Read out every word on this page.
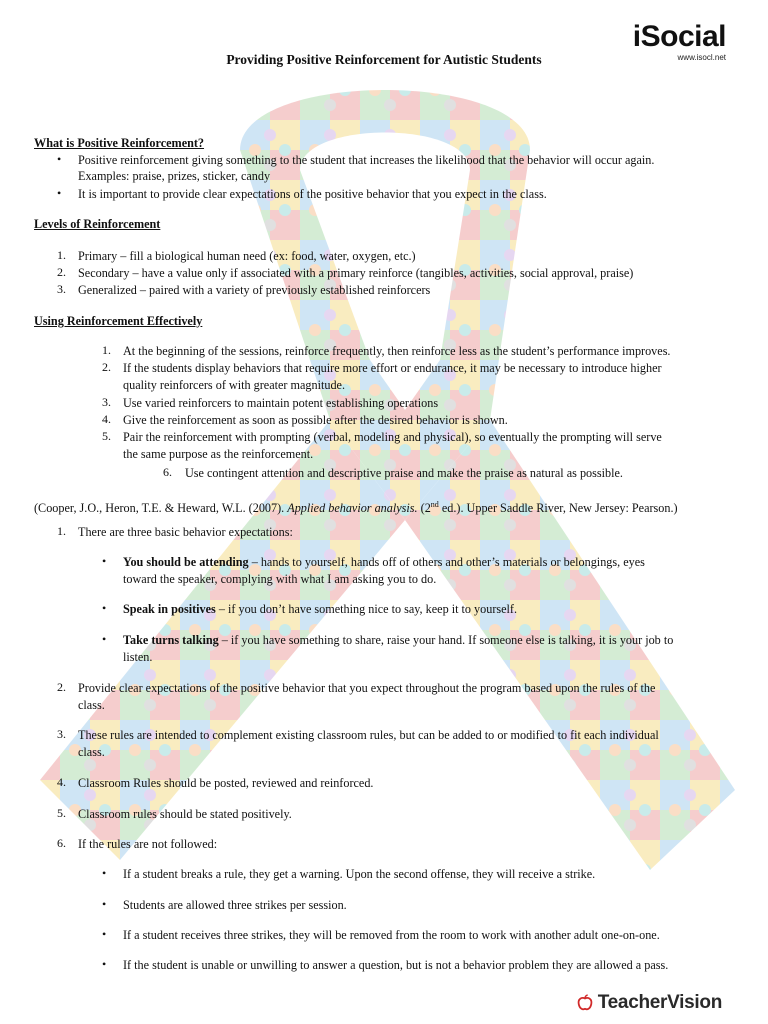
iSocial
www.isocl.net
Providing Positive Reinforcement for Autistic Students
What is Positive Reinforcement?
• Positive reinforcement giving something to the student that increases the likelihood that the behavior will occur again.
Examples: praise, prizes, sticker, candy
• It is important to provide clear expectations of the positive behavior that you expect in the class.
Levels of Reinforcement
1. Primary – fill a biological human need (ex: food, water, oxygen, etc.)
2. Secondary – have a value only if associated with a primary reinforce (tangibles, activities, social approval, praise)
3. Generalized – paired with a variety of previously established reinforcers
Using Reinforcement Effectively
1. At the beginning of the sessions, reinforce frequently, then reinforce less as the student’s performance improves.
2. If the students display behaviors that require more effort or endurance, it may be necessary to introduce higher
quality reinforcers of with greater magnitude.
3. Use varied reinforcers to maintain potent establishing operations
4. Give the reinforcement as soon as possible after the desired behavior is shown.
5. Pair the reinforcement with prompting (verbal, modeling and physical), so eventually the prompting will serve
the same purpose as the reinforcement.
6. Use contingent attention and descriptive praise and make the praise as natural as possible.
(Cooper, J.O., Heron, T.E. & Heward, W.L. (2007). Applied behavior analysis. (2nd ed.). Upper Saddle River, New Jersey: Pearson.)
1. There are three basic behavior expectations:
• You should be attending – hands to yourself, hands off of others and other’s materials or belongings, eyes
toward the speaker, complying with what I am asking you to do.
• Speak in positives – if you don’t have something nice to say, keep it to yourself.
• Take turns talking – if you have something to share, raise your hand. If someone else is talking, it is your job to
listen.
2. Provide clear expectations of the positive behavior that you expect throughout the program based upon the rules of the
class.
3. These rules are intended to complement existing classroom rules, but can be added to or modified to fit each individual
class.
4. Classroom Rules should be posted, reviewed and reinforced.
5. Classroom rules should be stated positively.
6. If the rules are not followed:
• If a student breaks a rule, they get a warning. Upon the second offense, they will receive a strike.
• Students are allowed three strikes per session.
• If a student receives three strikes, they will be removed from the room to work with another adult one-on-one.
• If the student is unable or unwilling to answer a question, but is not a behavior problem they are allowed a pass.
TeacherVision
